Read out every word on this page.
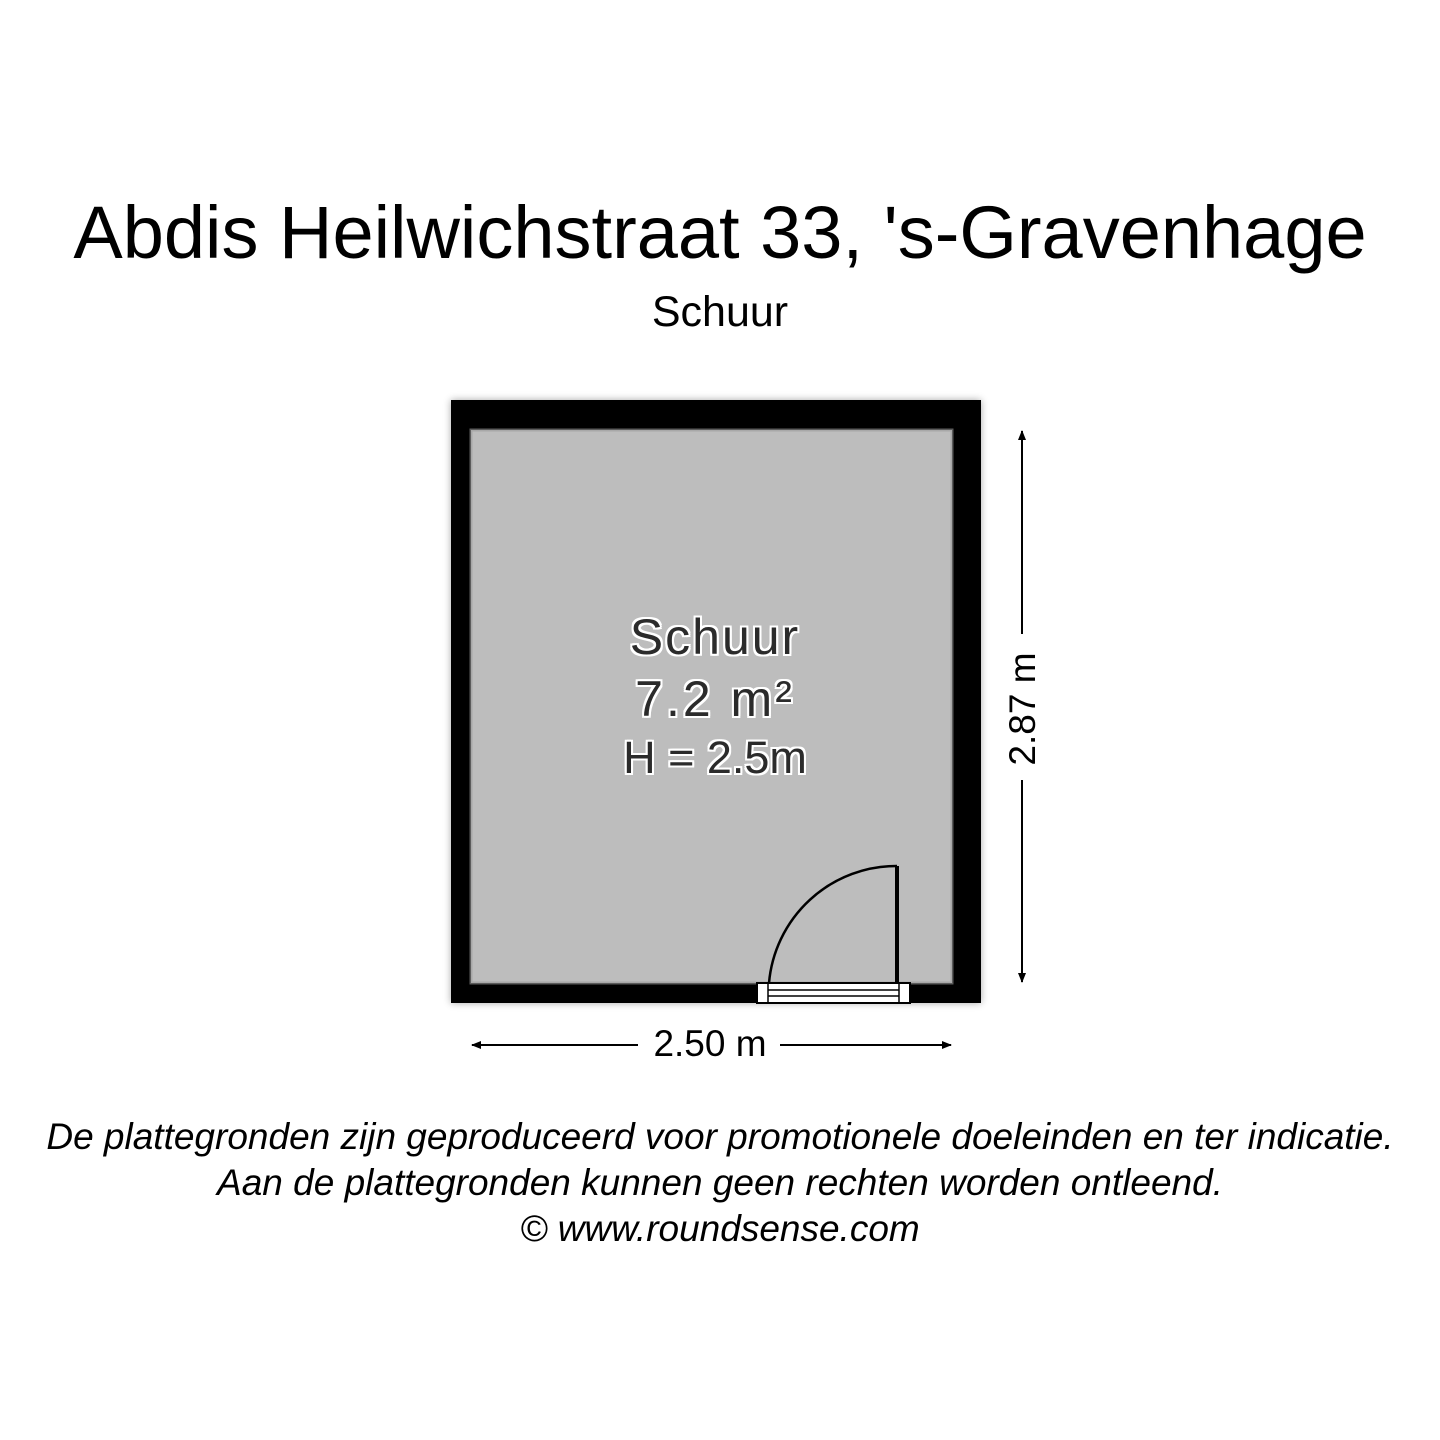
Abdis Heilwichstraat 33, 's-Gravenhage
Schuur
Schuur
7.2 m²
H = 2.5m
2.50 m
2.87 m
De plattegronden zijn geproduceerd voor promotionele doeleinden en ter indicatie.
Aan de plattegronden kunnen geen rechten worden ontleend.
© www.roundsense.com
